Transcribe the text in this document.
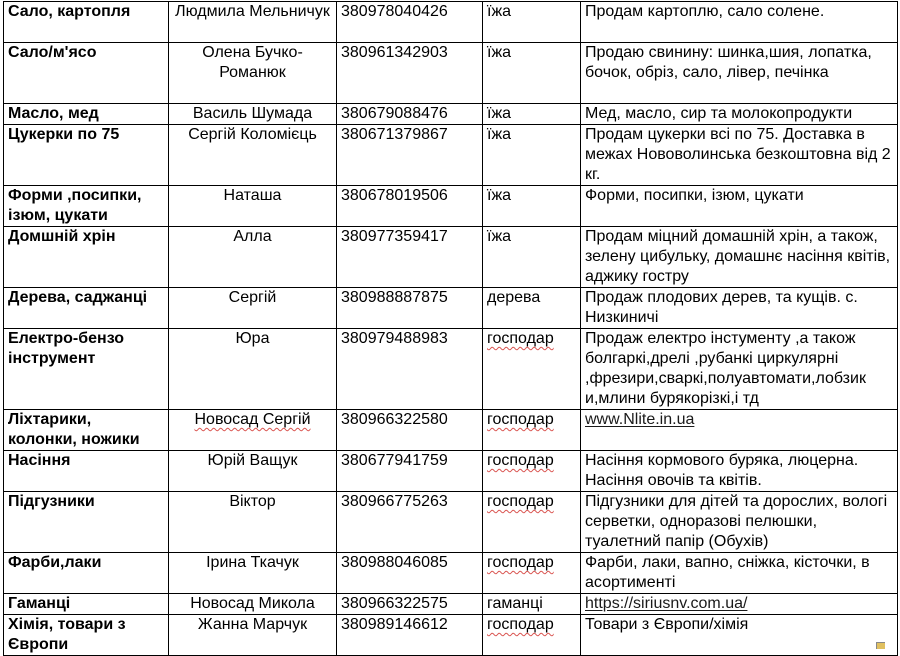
Сало, картопля	Людмила Мельничук	380978040426	їжа	Продам картоплю, сало солене.
Сало/м'ясо	Олена Бучко-Романюк	380961342903	їжа	Продаю свинину: шинка,шия, лопатка, бочок, обріз, сало, лівер, печінка
Масло, мед	Василь Шумада	380679088476	їжа	Мед, масло, сир та молокопродукти
Цукерки по 75	Сергій Коломієць	380671379867	їжа	Продам цукерки всі по 75. Доставка в межах Нововолинська безкоштовна від 2 кг.
Форми ,посипки, ізюм, цукати	Наташа	380678019506	їжа	Форми, посипки, ізюм, цукати
Домшній хрін	Алла	380977359417	їжа	Продам міцний домашній хрін, а також, зелену цибульку, домашнє насіння квітів, аджику гостру
Дерева, саджанці	Сергій	380988887875	дерева	Продаж плодових дерев, та кущів. с. Низкиничі
Електро-бензо інструмент	Юра	380979488983	господар	Продаж електро інстументу ,а також болгаркі,дрелі ,рубанкі циркулярні ,фрезири,сваркі,полуавтомати,лобзик и,млини бурякорізкі,і тд
Ліхтарики, колонки, ножики	Новосад Сергій	380966322580	господар	www.Nlite.in.ua
Насіння	Юрій Ващук	380677941759	господар	Насіння кормового буряка, люцерна. Насіння овочів та квітів.
Підгузники	Віктор	380966775263	господар	Підгузники для дітей та дорослих, вологі серветки, одноразові пелюшки, туалетний папір (Обухів)
Фарби,лаки	Ірина Ткачук	380988046085	господар	Фарби, лаки, вапно, сніжка, кісточки, в асортименті
Гаманці	Новосад Микола	380966322575	гаманці	https://siriusnv.com.ua/
Хімія, товари з Європи	Жанна Марчук	380989146612	господар	Товари з Європи/хімія
